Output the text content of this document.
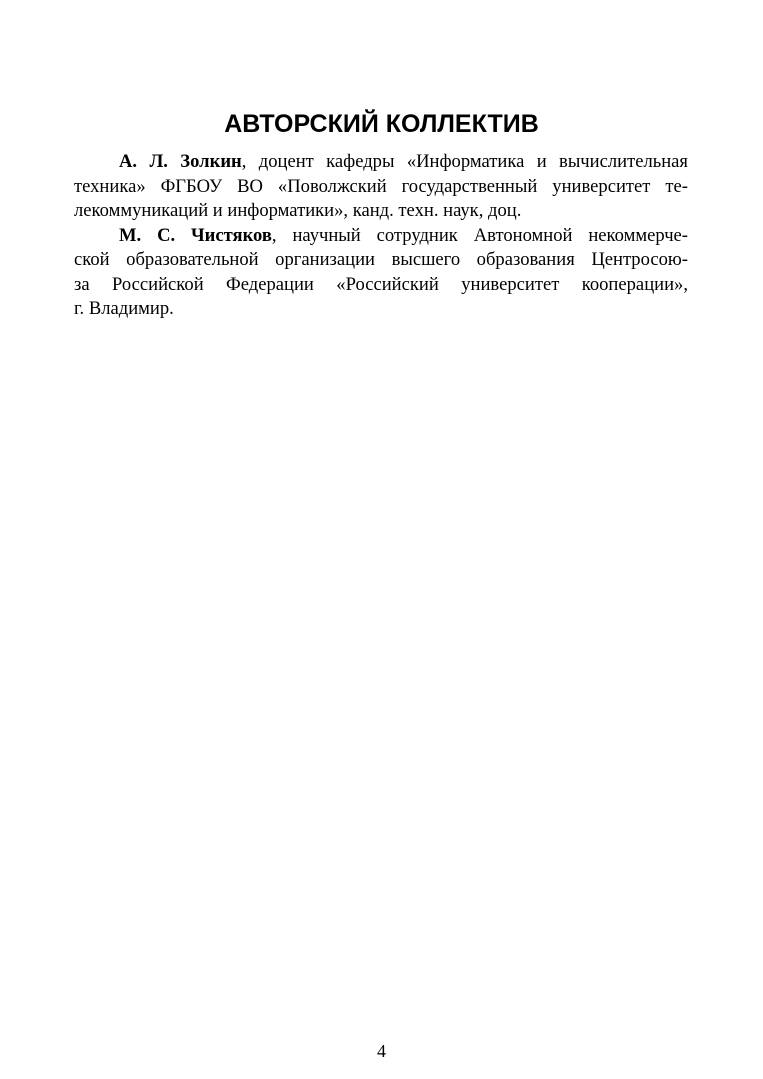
АВТОРСКИЙ КОЛЛЕКТИВ

А. Л. Золкин, доцент кафедры «Информатика и вычислительная
техника» ФГБОУ ВО «Поволжский государственный университет те-
лекоммуникаций и информатики», канд. техн. наук, доц.

М. С. Чистяков, научный сотрудник Автономной некоммерче-
ской образовательной организации высшего образования Центросою-
за Российской Федерации «Российский университет кооперации»,
г. Владимир.

4
